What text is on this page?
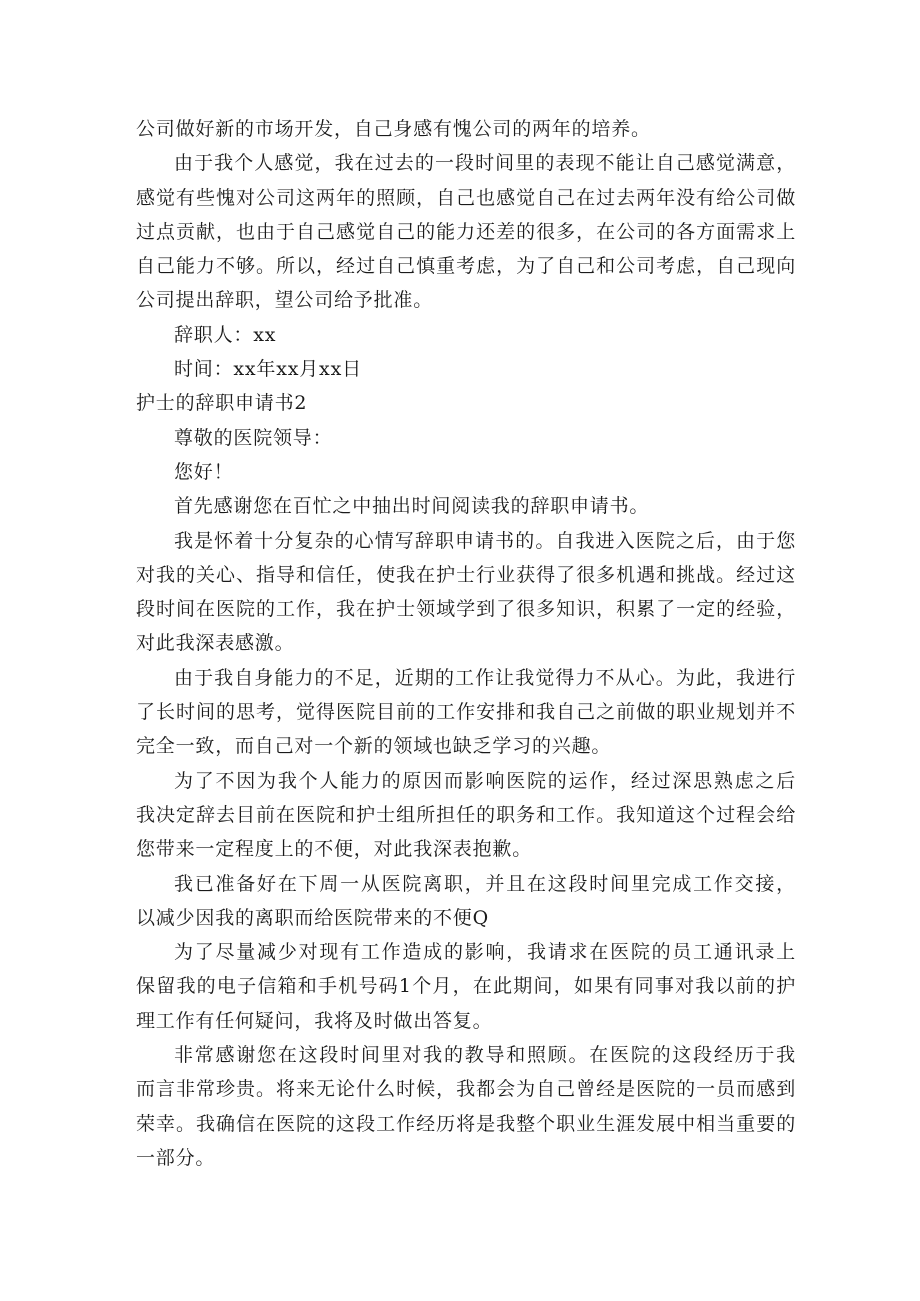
公司做好新的市场开发，自己身感有愧公司的两年的培养。
由于我个人感觉，我在过去的一段时间里的表现不能让自己感觉满意，
感觉有些愧对公司这两年的照顾，自己也感觉自己在过去两年没有给公司做
过点贡献，也由于自己感觉自己的能力还差的很多，在公司的各方面需求上
自己能力不够。所以，经过自己慎重考虑，为了自己和公司考虑，自己现向
公司提出辞职，望公司给予批准。
辞职人：xx
时间：xx年xx月xx日
护士的辞职申请书2
尊敬的医院领导：
您好！
首先感谢您在百忙之中抽出时间阅读我的辞职申请书。
我是怀着十分复杂的心情写辞职申请书的。自我进入医院之后，由于您
对我的关心、指导和信任，使我在护士行业获得了很多机遇和挑战。经过这
段时间在医院的工作，我在护士领域学到了很多知识，积累了一定的经验，
对此我深表感激。
由于我自身能力的不足，近期的工作让我觉得力不从心。为此，我进行
了长时间的思考，觉得医院目前的工作安排和我自己之前做的职业规划并不
完全一致，而自己对一个新的领域也缺乏学习的兴趣。
为了不因为我个人能力的原因而影响医院的运作，经过深思熟虑之后
我决定辞去目前在医院和护士组所担任的职务和工作。我知道这个过程会给
您带来一定程度上的不便，对此我深表抱歉。
我已准备好在下周一从医院离职，并且在这段时间里完成工作交接，
以减少因我的离职而给医院带来的不便Q
为了尽量减少对现有工作造成的影响，我请求在医院的员工通讯录上
保留我的电子信箱和手机号码1个月，在此期间，如果有同事对我以前的护
理工作有任何疑问，我将及时做出答复。
非常感谢您在这段时间里对我的教导和照顾。在医院的这段经历于我
而言非常珍贵。将来无论什么时候，我都会为自己曾经是医院的一员而感到
荣幸。我确信在医院的这段工作经历将是我整个职业生涯发展中相当重要的
一部分。
